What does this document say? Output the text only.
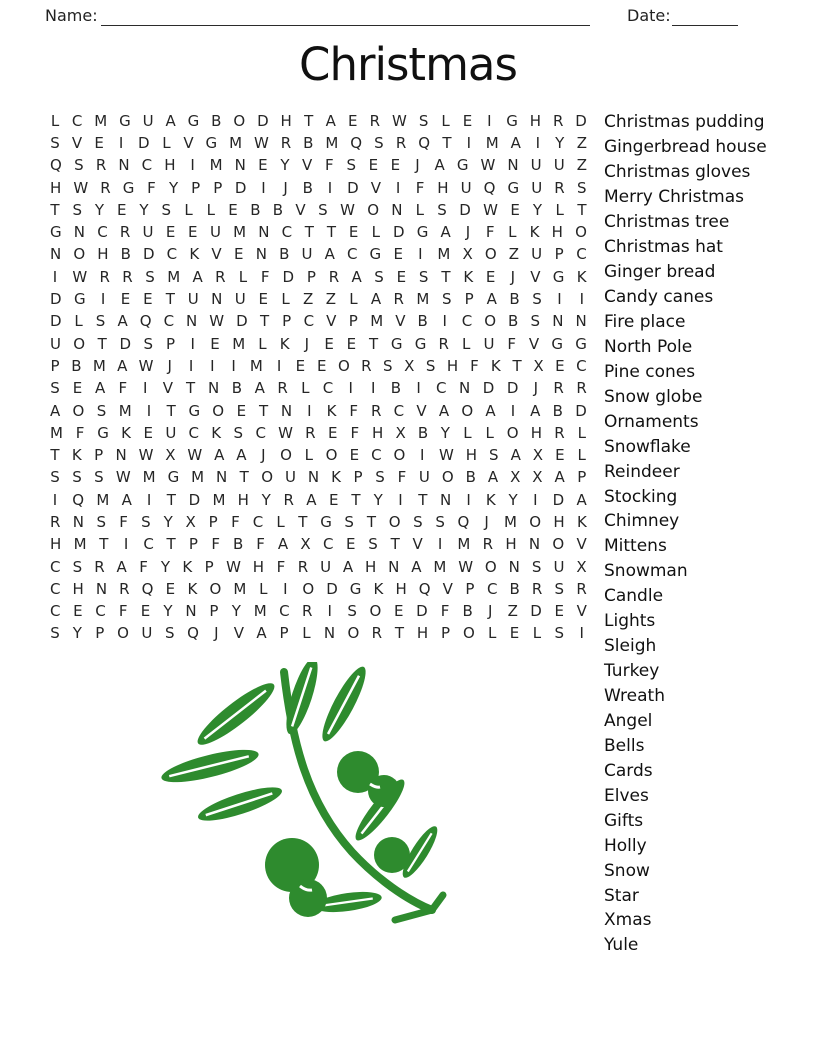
Name:	Date:
Christmas
L C M G U A G B O D H T A E R W S L E I G H R D
S V E I D L V G M W R B M Q S R Q T I M A I Y Z
Q S R N C H I M N E Y V F S E E J A G W N U U Z
H W R G F Y P P D I J B I D V I F H U Q G U R S
T S Y E Y S L L E B B V S W O N L S D W E Y L T
G N C R U E E U M N C T T E L D G A J F L K H O
N O H B D C K V E N B U A C G E I M X O Z U P C
I W R R S M A R L F D P R A S E S T K E J V G K
D G I E E T U N U E L Z Z L A R M S P A B S I I
D L S A Q C N W D T P C V P M V B I C O B S N N
U O T D S P I E M L K J E E T G G R L U F V G G
P B M A W J I I I M I E E O R S X S H F K T X E C
S E A F I V T N B A R L C I I B I C N D D J R R
A O S M I T G O E T N I K F R C V A O A I A B D
M F G K E U C K S C W R E F H X B Y L L O H R L
T K P N W X W A A J O L O E C O I W H S A X E L
S S S W M G M N T O U N K P S F U O B A X X A P
I Q M A I T D M H Y R A E T Y I T N I K Y I D A
R N S F S Y X P F C L T G S T O S S Q J M O H K
H M T I C T P F B F A X C E S T V I M R H N O V
C S R A F Y K P W H F R U A H N A M W O N S U X
C H N R Q E K O M L I O D G K H Q V P C B R S R
C E C F E Y N P Y M C R I S O E D F B J Z D E V
S Y P O U S Q J V A P L N O R T H P O L E L S I
Christmas pudding
Gingerbread house
Christmas gloves
Merry Christmas
Christmas tree
Christmas hat
Ginger bread
Candy canes
Fire place
North Pole
Pine cones
Snow globe
Ornaments
Snowflake
Reindeer
Stocking
Chimney
Mittens
Snowman
Candle
Lights
Sleigh
Turkey
Wreath
Angel
Bells
Cards
Elves
Gifts
Holly
Snow
Star
Xmas
Yule
